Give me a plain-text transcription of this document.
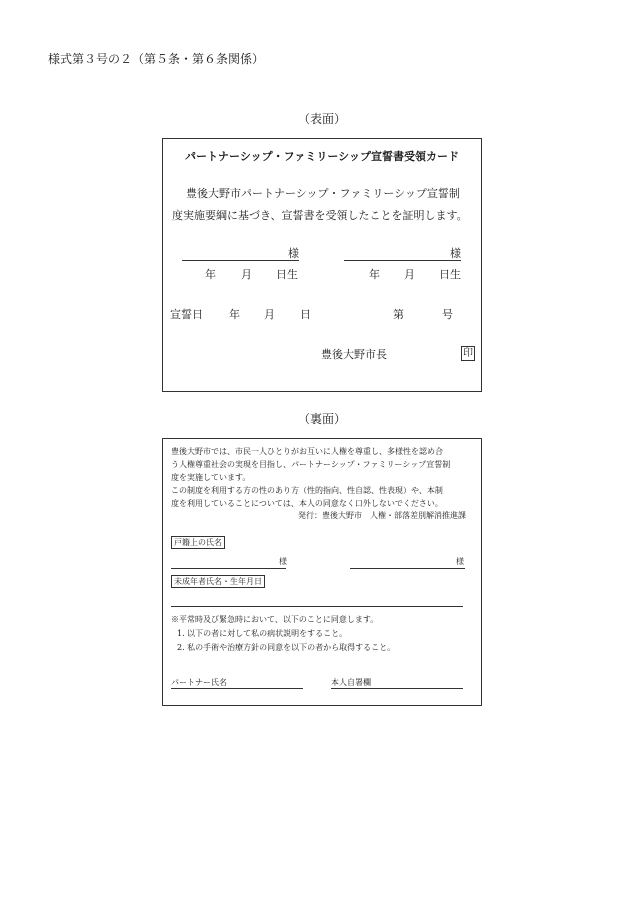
様式第３号の２（第５条・第６条関係）
（表面）
パートナーシップ・ファミリーシップ宣誓書受領カード
豊後大野市パートナーシップ・ファミリーシップ宣誓制
度実施要綱に基づき、宣誓書を受領したことを証明します。
様	様
年 月 日生	年 月 日生
宣誓日 年 月 日	第	号
豊後大野市長	印
（裏面）
豊後大野市では、市民一人ひとりがお互いに人権を尊重し、多様性を認め合
う人権尊重社会の実現を目指し、パートナーシップ・ファミリーシップ宣誓制
度を実施しています。
この制度を利用する方の性のあり方（性的指向、性自認、性表現）や、本制
度を利用していることについては、本人の同意なく口外しないでください。
発行：豊後大野市　人権・部落差別解消推進課
戸籍上の氏名
様	様
未成年者氏名・生年月日
※平常時及び緊急時において、以下のことに同意します。
1. 以下の者に対して私の病状説明をすること。
2. 私の手術や治療方針の同意を以下の者から取得すること。
パートナー氏名	本人自署欄
